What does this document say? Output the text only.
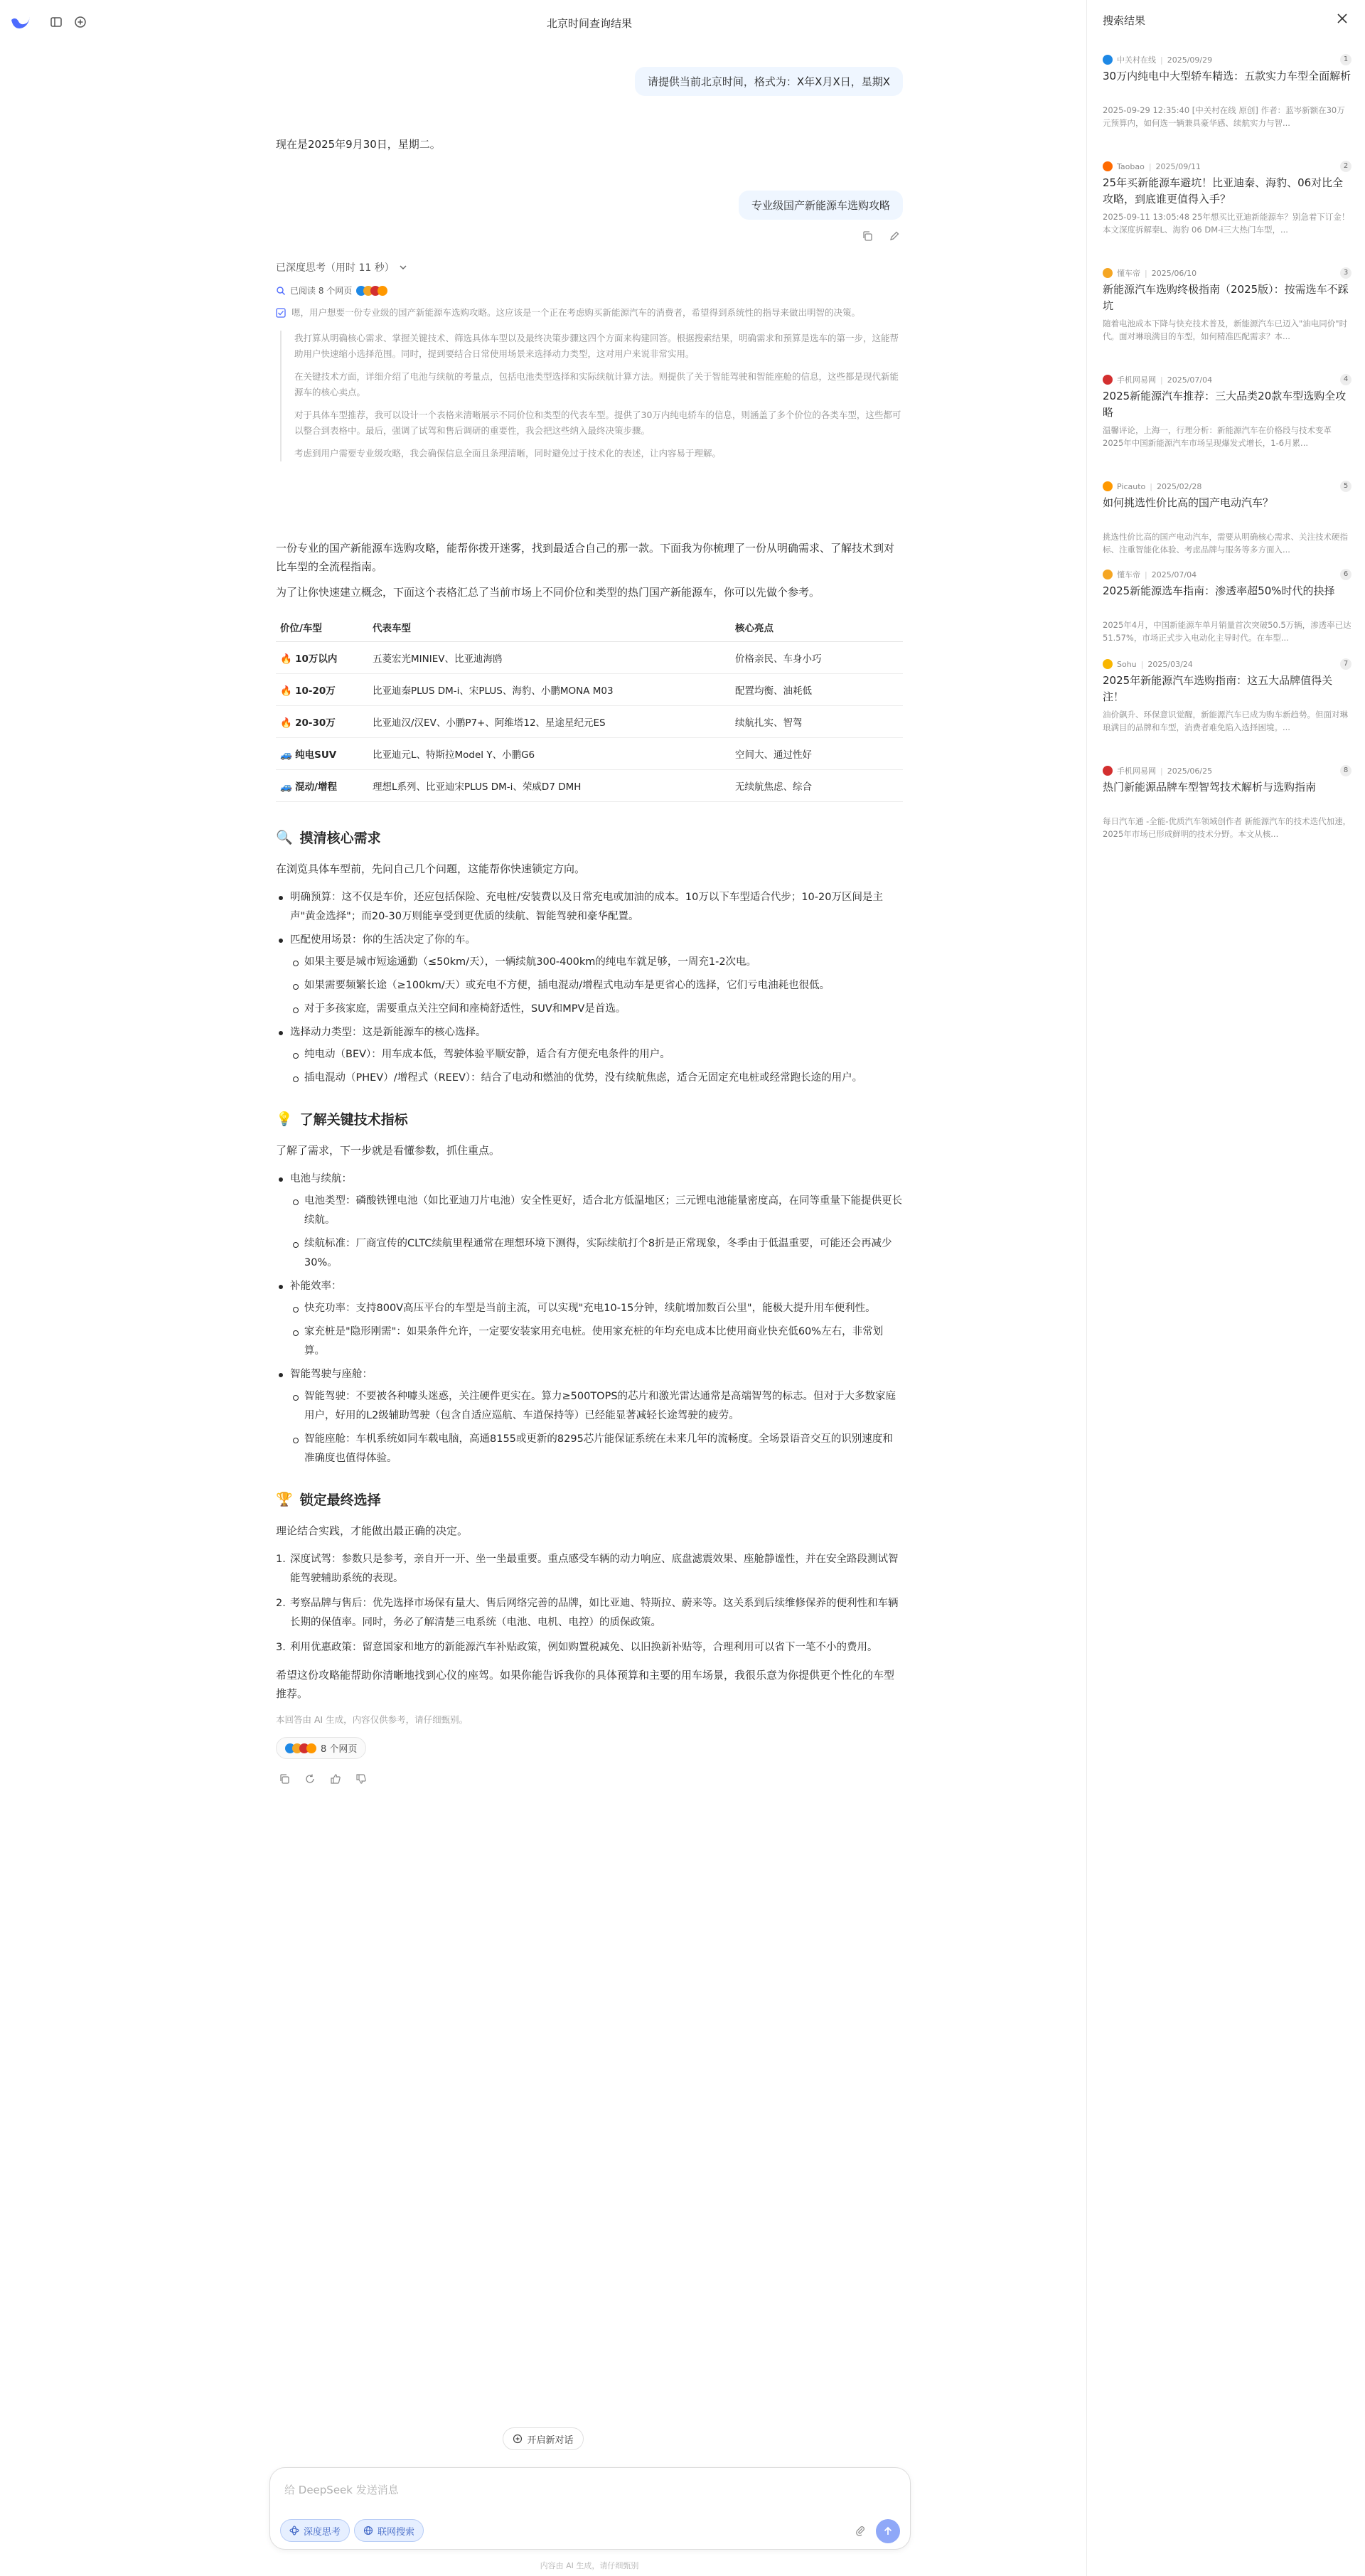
北京时间查询结果
请提供当前北京时间，格式为：X年X月X日，星期X
现在是2025年9月30日，星期二。
专业级国产新能源车选购攻略
已深度思考（用时 11 秒）
已阅读 8 个网页

嗯，用户想要一份专业级的国产新能源车选购攻略。这应该是一个正在考虑购买新能源汽车的消费者，希望得到系统性的指导来做出明智的决策。

我打算从明确核心需求、掌握关键技术、筛选具体车型以及最终决策步骤这四个方面来构建回答。根据搜索结果，明确需求和预算是选车的第一步，这能帮助用户快速缩小选择范围。同时，提到要结合日常使用场景来选择动力类型，这对用户来说非常实用。

在关键技术方面，详细介绍了电池与续航的考量点，包括电池类型选择和实际续航计算方法。则提供了关于智能驾驶和智能座舱的信息，这些都是现代新能源车的核心卖点。

对于具体车型推荐，我可以设计一个表格来清晰展示不同价位和类型的代表车型。提供了30万内纯电轿车的信息，则涵盖了多个价位的各类车型，这些都可以整合到表格中。最后，强调了试驾和售后调研的重要性，我会把这些纳入最终决策步骤。

考虑到用户需要专业级攻略，我会确保信息全面且条理清晰，同时避免过于技术化的表述，让内容易于理解。

一份专业的国产新能源车选购攻略，能帮你拨开迷雾，找到最适合自己的那一款。下面我为你梳理了一份从明确需求、了解技术到对比车型的全流程指南。

为了让你快速建立概念，下面这个表格汇总了当前市场上不同价位和类型的热门国产新能源车，你可以先做个参考。

价位/车型	代表车型	核心亮点
🔥 10万以内	五菱宏光MINIEV、比亚迪海鸥	价格亲民、车身小巧
🔥 10-20万	比亚迪秦PLUS DM-i、宋PLUS、海豹、小鹏MONA M03	配置均衡、油耗低
🔥 20-30万	比亚迪汉/汉EV、小鹏P7+、阿维塔12、星途星纪元ES	续航扎实、智驾
🚙 纯电SUV	比亚迪元L、特斯拉Model Y、小鹏G6	空间大、通过性好
🚙 混动/增程	理想L系列、比亚迪宋PLUS DM-i、荣威D7 DMH	无续航焦虑、综合
🔍 摸清核心需求

在浏览具体车型前，先问自己几个问题，这能帮你快速锁定方向。

明确预算：这不仅是车价，还应包括保险、充电桩/安装费以及日常充电或加油的成本。10万以下车型适合代步；10-20万区间是主声"黄金选择"；而20-30万则能享受到更优质的续航、智能驾驶和豪华配置。
匹配使用场景：你的生活决定了你的车。
如果主要是城市短途通勤（≤50km/天），一辆续航300-400km的纯电车就足够，一周充1-2次电。
如果需要频繁长途（≥100km/天）或充电不方便，插电混动/增程式电动车是更省心的选择，它们亏电油耗也很低。
对于多孩家庭，需要重点关注空间和座椅舒适性，SUV和MPV是首选。
选择动力类型：这是新能源车的核心选择。
纯电动（BEV）：用车成本低，驾驶体验平顺安静，适合有方便充电条件的用户。
插电混动（PHEV）/增程式（REEV）：结合了电动和燃油的优势，没有续航焦虑，适合无固定充电桩或经常跑长途的用户。
💡 了解关键技术指标

了解了需求，下一步就是看懂参数，抓住重点。

电池与续航：
电池类型：磷酸铁锂电池（如比亚迪刀片电池）安全性更好，适合北方低温地区；三元锂电池能量密度高，在同等重量下能提供更长续航。
续航标准：厂商宣传的CLTC续航里程通常在理想环境下测得，实际续航打个8折是正常现象，冬季由于低温重要，可能还会再减少30%。
补能效率：
快充功率：支持800V高压平台的车型是当前主流，可以实现"充电10-15分钟，续航增加数百公里"，能极大提升用车便利性。
家充桩是"隐形刚需"：如果条件允许，一定要安装家用充电桩。使用家充桩的年均充电成本比使用商业快充低60%左右，非常划算。
智能驾驶与座舱：
智能驾驶：不要被各种噱头迷惑，关注硬件更实在。算力≥500TOPS的芯片和激光雷达通常是高端智驾的标志。但对于大多数家庭用户，好用的L2级辅助驾驶（包含自适应巡航、车道保持等）已经能显著减轻长途驾驶的疲劳。
智能座舱：车机系统如同车载电脑，高通8155或更新的8295芯片能保证系统在未来几年的流畅度。全场景语音交互的识别速度和准确度也值得体验。
🏆 锁定最终选择

理论结合实践，才能做出最正确的决定。

1. 深度试驾：参数只是参考，亲自开一开、坐一坐最重要。重点感受车辆的动力响应、底盘滤震效果、座舱静谧性，并在安全路段测试智能驾驶辅助系统的表现。
2. 考察品牌与售后：优先选择市场保有量大、售后网络完善的品牌，如比亚迪、特斯拉、蔚来等。这关系到后续维修保养的便利性和车辆长期的保值率。同时，务必了解清楚三电系统（电池、电机、电控）的质保政策。
3. 利用优惠政策：留意国家和地方的新能源汽车补贴政策，例如购置税减免、以旧换新补贴等，合理利用可以省下一笔不小的费用。

希望这份攻略能帮助你清晰地找到心仪的座驾。如果你能告诉我你的具体预算和主要的用车场景，我很乐意为你提供更个性化的车型推荐。

本回答由 AI 生成，内容仅供参考，请仔细甄别。

8 个网页
开启新对话
给 DeepSeek 发送消息
深度思考	联网搜索
内容由 AI 生成，请仔细甄别
搜索结果
中关村在线 | 2025/09/29	1
30万内纯电中大型轿车精选：五款实力车型全面解析
2025-09-29 12:35:40 [中关村在线 原创] 作者：蓝岑新额在30万元预算内，如何选一辆兼具豪华感、续航实力与智...
Taobao | 2025/09/11	2
25年买新能源车避坑！比亚迪秦、海豹、06对比全攻略，到底谁更值得入手？
2025-09-11 13:05:48 25年想买比亚迪新能源车？别急着下订金！本文深度拆解秦L、海豹 06 DM-i三大热门车型，...
懂车帝 | 2025/06/10	3
新能源汽车选购终极指南（2025版）：按需选车不踩坑
随着电池成本下降与快充技术普及，新能源汽车已迈入"油电同价"时代。面对琳琅满目的车型，如何精准匹配需求？本...
手机网易网 | 2025/07/04	4
2025新能源汽车推荐：三大品类20款车型选购全攻略
温馨评论，上海一，行理分析：新能源汽车在价格段与技术变革 2025年中国新能源汽车市场呈现爆发式增长，1-6月累...
Picauto | 2025/02/28	5
如何挑选性价比高的国产电动汽车？
挑选性价比高的国产电动汽车，需要从明确核心需求、关注技术硬指标、注重智能化体验、考虑品牌与服务等多方面入...
懂车帝 | 2025/07/04	6
2025新能源选车指南：渗透率超50%时代的抉择
2025年4月，中国新能源车单月销量首次突破50.5万辆，渗透率已达51.57%，市场正式步入电动化主导时代。在车型...
Sohu | 2025/03/24	7
2025年新能源汽车选购指南：这五大品牌值得关注！
油价飙升、环保意识觉醒，新能源汽车已成为购车新趋势。但面对琳琅满目的品牌和车型，消费者难免陷入选择困境。...
手机网易网 | 2025/06/25	8
热门新能源品牌车型智驾技术解析与选购指南
每日汽车通 -全能-优质汽车领域创作者 新能源汽车的技术迭代加速，2025年市场已形成鲜明的技术分野。本文从核...
